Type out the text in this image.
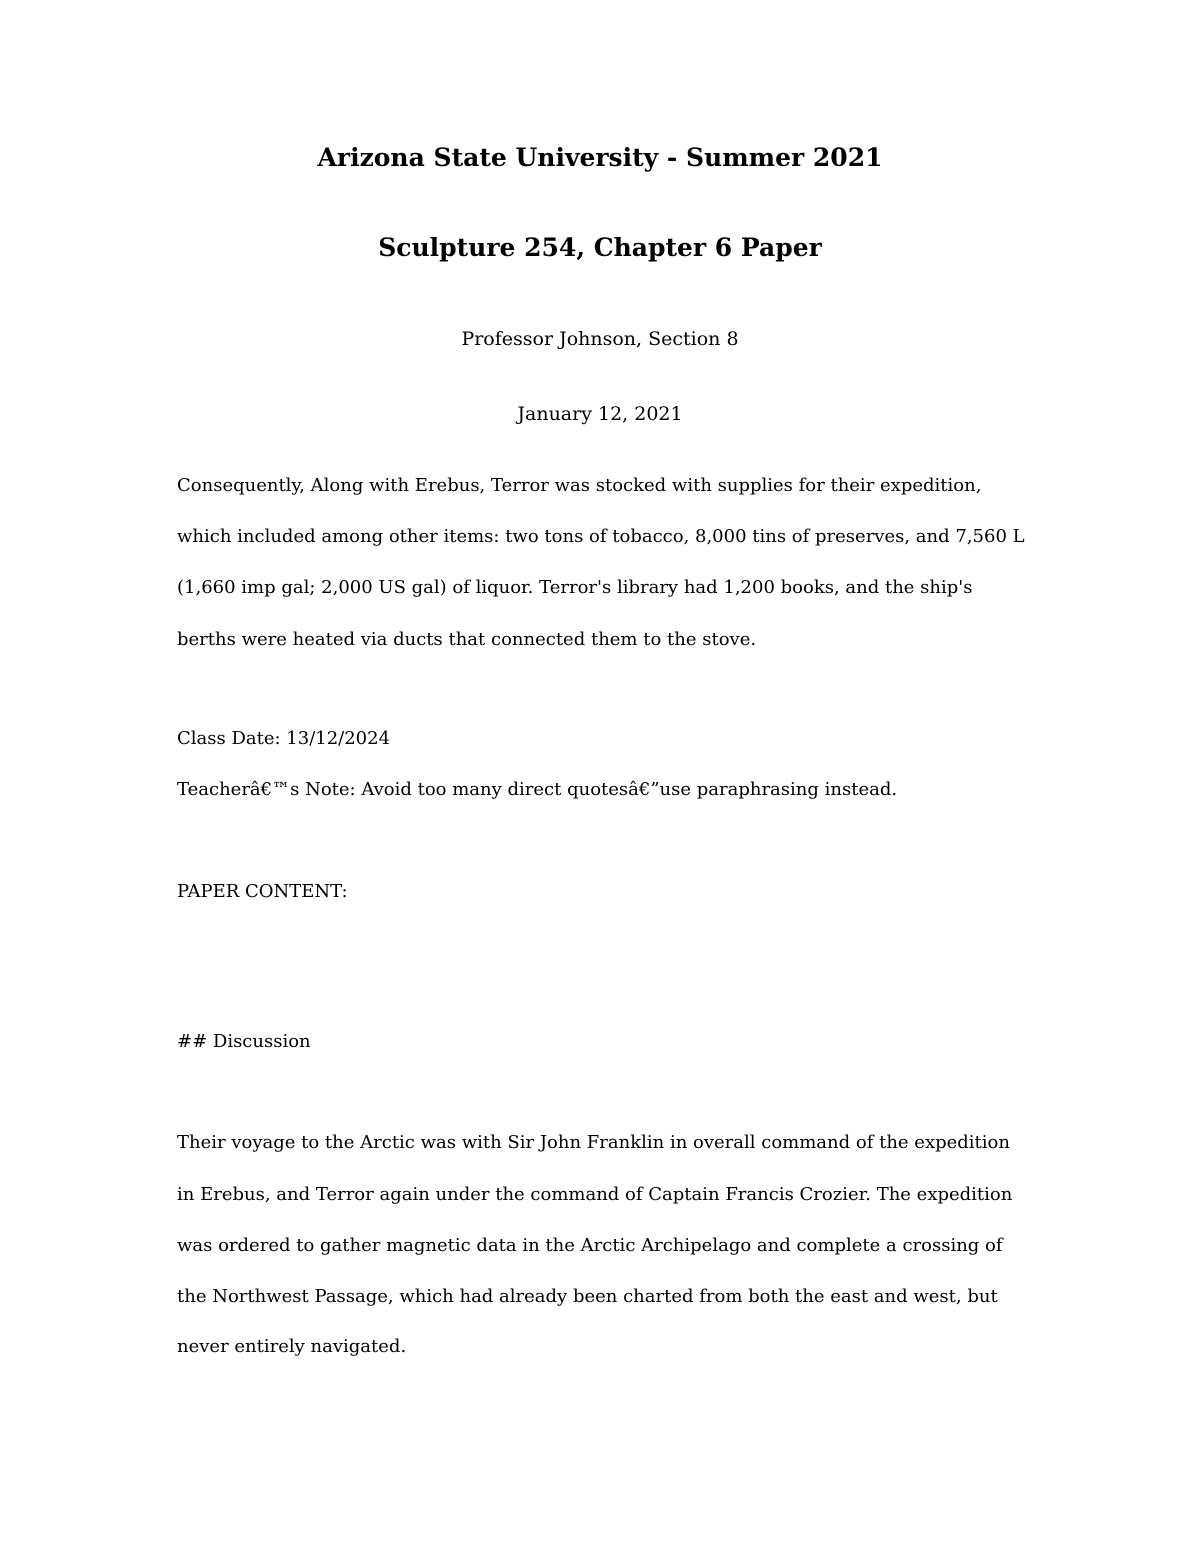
Arizona State University - Summer 2021
Sculpture 254, Chapter 6 Paper

Professor Johnson, Section 8

January 12, 2021

Consequently, Along with Erebus, Terror was stocked with supplies for their expedition,

which included among other items: two tons of tobacco, 8,000 tins of preserves, and 7,560 L

(1,660 imp gal; 2,000 US gal) of liquor. Terror's library had 1,200 books, and the ship's

berths were heated via ducts that connected them to the stove.

Class Date: 13/12/2024

Teacherâ€™s Note: Avoid too many direct quotesâ€”use paraphrasing instead.

PAPER CONTENT:

## Discussion

Their voyage to the Arctic was with Sir John Franklin in overall command of the expedition

in Erebus, and Terror again under the command of Captain Francis Crozier. The expedition

was ordered to gather magnetic data in the Arctic Archipelago and complete a crossing of

the Northwest Passage, which had already been charted from both the east and west, but

never entirely navigated.
